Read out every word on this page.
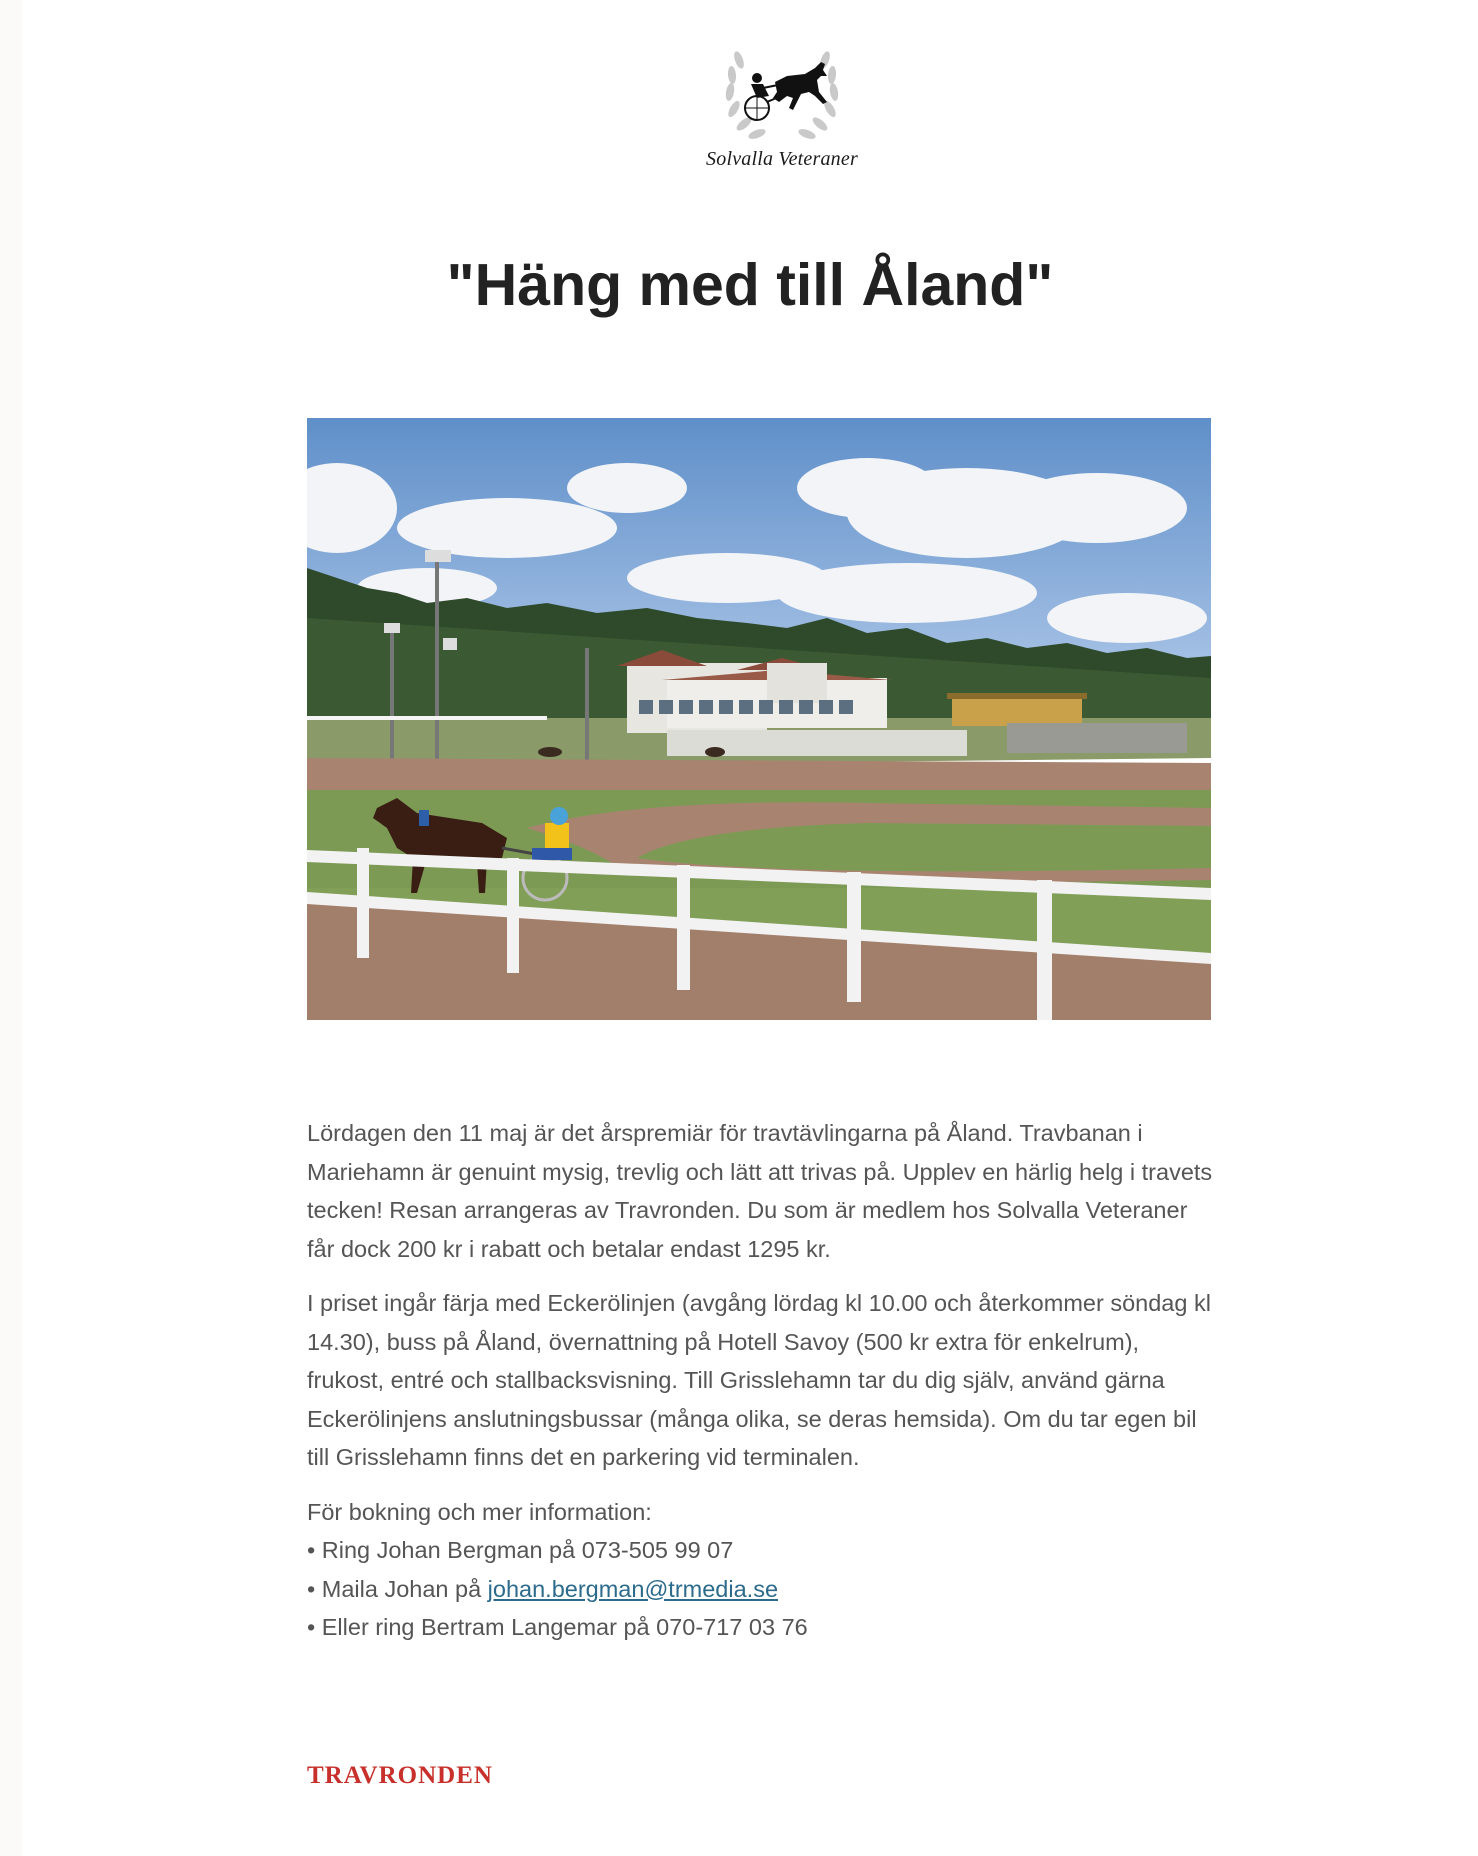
Solvalla Veteraner
"Häng med till Åland"

Lördagen den 11 maj är det årspremiär för travtävlingarna på Åland. Travbanan i Mariehamn är genuint mysig, trevlig och lätt att trivas på. Upplev en härlig helg i travets tecken! Resan arrangeras av Travronden. Du som är medlem hos Solvalla Veteraner får dock 200 kr i rabatt och betalar endast 1295 kr.

I priset ingår färja med Eckerölinjen (avgång lördag kl 10.00 och återkommer söndag kl 14.30), buss på Åland, övernattning på Hotell Savoy (500 kr extra för enkelrum), frukost, entré och stallbacksvisning. Till Grisslehamn tar du dig själv, använd gärna Eckerölinjens anslutningsbussar (många olika, se deras hemsida). Om du tar egen bil till Grisslehamn finns det en parkering vid terminalen.

För bokning och mer information:
• Ring Johan Bergman på 073-505 99 07
• Maila Johan på johan.bergman@trmedia.se
• Eller ring Bertram Langemar på 070-717 03 76

TRAVRONDEN
